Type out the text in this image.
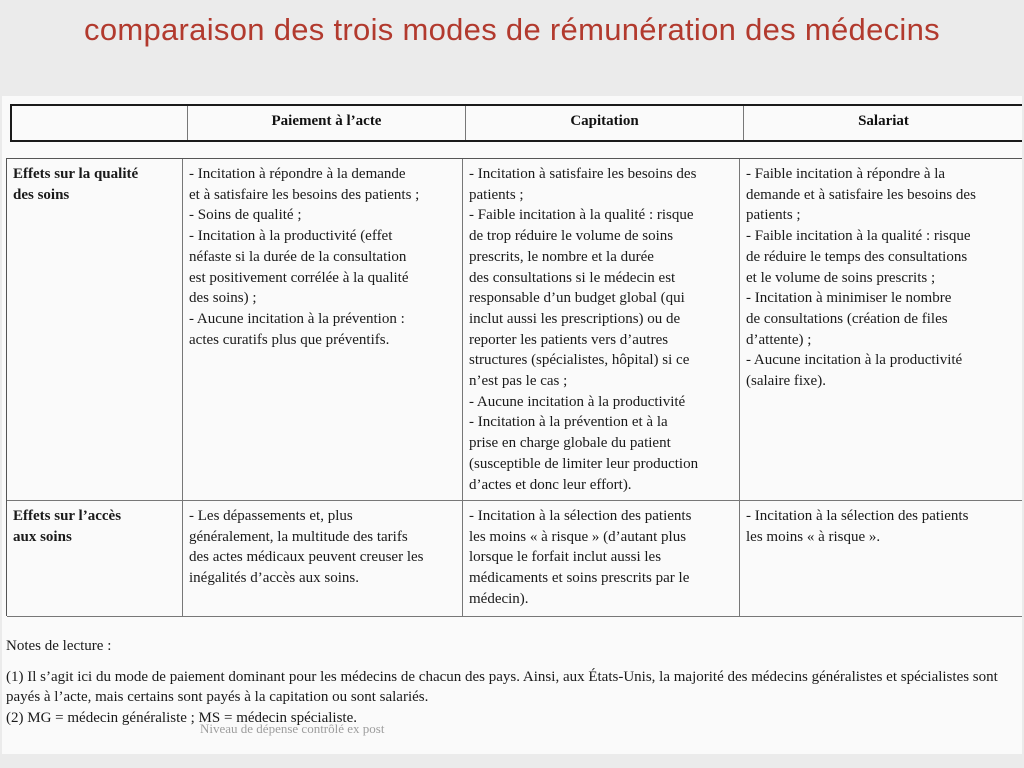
comparaison des trois modes de rémunération des médecins
Paiement à l’acte	Capitation	Salariat
Effets sur la qualité
des soins
- Incitation à répondre à la demande
et à satisfaire les besoins des patients ;
- Soins de qualité ;
- Incitation à la productivité (effet
néfaste si la durée de la consultation
est positivement corrélée à la qualité
des soins) ;
- Aucune incitation à la prévention :
actes curatifs plus que préventifs.
- Incitation à satisfaire les besoins des
patients ;
- Faible incitation à la qualité : risque
de trop réduire le volume de soins
prescrits, le nombre et la durée
des consultations si le médecin est
responsable d’un budget global (qui
inclut aussi les prescriptions) ou de
reporter les patients vers d’autres
structures (spécialistes, hôpital) si ce
n’est pas le cas ;
- Aucune incitation à la productivité
- Incitation à la prévention et à la
prise en charge globale du patient
(susceptible de limiter leur production
d’actes et donc leur effort).
- Faible incitation à répondre à la
demande et à satisfaire les besoins des
patients ;
- Faible incitation à la qualité : risque
de réduire le temps des consultations
et le volume de soins prescrits ;
- Incitation à minimiser le nombre
de consultations (création de files
d’attente) ;
- Aucune incitation à la productivité
(salaire fixe).
Effets sur l’accès
aux soins
- Les dépassements et, plus
généralement, la multitude des tarifs
des actes médicaux peuvent creuser les
inégalités d’accès aux soins.
- Incitation à la sélection des patients
les moins « à risque » (d’autant plus
lorsque le forfait inclut aussi les
médicaments et soins prescrits par le
médecin).
- Incitation à la sélection des patients
les moins « à risque ».

Notes de lecture :

(1) Il s’agit ici du mode de paiement dominant pour les médecins de chacun des pays. Ainsi, aux États-Unis, la majorité des médecins généralistes et spécialistes sont payés à l’acte, mais certains sont payés à la capitation ou sont salariés.

(2) MG = médecin généraliste ; MS = médecin spécialiste.

Niveau de dépense contrôlé ex post
